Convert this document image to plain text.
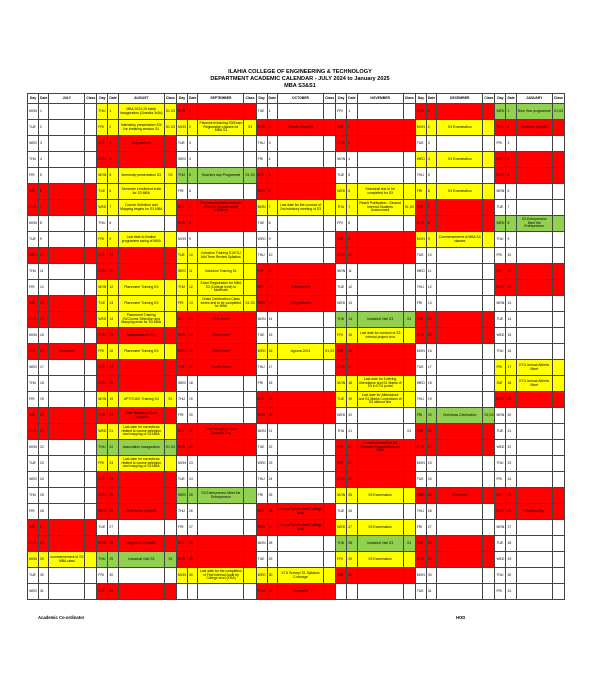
ILAHIA COLLEGE OF ENGINEERING & TECHNOLOGY
DEPARTMENT ACADEMIC CALENDAR - JULY 2024 to January 2025
MBA S3&S1
Day	Date	JULY	Class	Day	Date	AUGUST	Class	Day	Date	SEPTEMBER	Class	Day	Date	OCTOBER	Class	Day	Date	NOVEMBER	Class	Day	Date	DECEMBER	Class	Day	Date	JANUARY	Class
MON	1			THU	1	MBA 2024-26 batch Inauguration (Grandia 3x3d)	S1,S3	SUN	1			TUE	1			FRI	1			SUN	1			WED	1	New Year programme	S1,S3
TUE	2			FRI	2	Internship presentation S3/ Ice breaking session S1	S1,S3	MON	2	Placement training S3/Exam Registration classes for MBA S3	S3	WED	2	Gandhi Jayanthi		SAT	2			MON	2	S3 Examination		THU	2	Mannam Jayanthi	
WED	3			SAT	3	Yoga session		TUE	3			THU	3			SUN	3			TUE	3			FRI	3		
THU	4			SUN	4			WED	4			FRI	4			MON	4			WED	4	S3 Examination		SAT	4		
FRI	5			MON	5	Internship presentation S3	S3	THU	5	Teachers day Programme	S1,S3	SAT	5			TUE	5			THU	5			SUN	5		
SAT	6			TUE	6	Semester enrollment ends for S3 MBA		FRI	6			SUN	6			WED	6	Sessional test to be completed for S3		FRI	6	S3 Examination		MON	6		
SUN	7			WED	7	Course Selection and Mapping begins for S3 MBA		SAT	7	First Internal marks entry for MBA S3 (System level) published		MON	7	Last date for the conduct of 2nd advisory meeting of S3		THU	7	Result Publication - Second Internal Students Assessment	S1,S3	SAT	7			TUE	7		
MON	8			THU	8			SUN	8			TUE	8			FRI	8			SUN	8			WED	8	S3 Entrepreneur Meet the Entrepreneur	
TUE	9			FRI	9	Last date to finalise programme swing of MBA		MON	9			WED	9			SAT	9			MON	9	Commencement of MBA S4 classes		THU	9		
WED	10			SAT	10			TUE	10	Induction Training S1/KTU Mid Term Review Syllabus		THU	10			SUN	10			TUE	10			FRI	10		
THU	11			SUN	11			WED	11	Induction Training S1		FRI	11			MON	11			WED	11			SAT	11		
FRI	12			MON	12	Placement Training S3		THU	12	Exam Registration for MBA S3 (College level) to Moderate		SAT	12	Mahanavami		TUE	12			THU	12			SUN	12		
SAT	13			TUE	13	Placement Training S3		FRI	13	Onam Celebration/ Class series test to be completed for MBA	S1,S3	SUN	13	Vijayadasami		WED	13			FRI	13			MON	13		
SUN	14			WED	14	Placement Training S3/Course Selection and Mapping ends for S3 MBA		SAT	14	First Onam		MON	14			THU	14	Industrial Visit S3	S1	SAT	14			TUE	14		
MON	15			THU	15	Independence Day		SUN	15	Thiruvonam		TUE	15			FRI	15	Last date for conduct of S3 internal project viva		SUN	15			WED	15		
TUE	16	Muharram		FRI	16	Placement Training S3		MON	16	Third Onam		WED	16	Agoora 2024	S1,S3	SAT	16			MON	16			THU	16		
WED	17			SAT	17			TUE	17	Fourth Onam		THU	17			SUN	17			TUE	17			FRI	17	KTU Annual Athletic Meet	
THU	18			SUN	18			WED	18			FRI	18			MON	18	Last date for Entering Attendance and S1 Marks of S3 in KTU portal		WED	18			SAT	18	KTU Annual Athletic Meet	
FRI	19			MON	19	APTITUDE Training S3	S1	THU	19			SAT	19			TUE	19	Last date for Attendance and S1 Marks Corrections of S3 without fine		THU	19			SUN	19		
SAT	20			TUE	20	Sree Narayana Guru Jayanthi		FRI	20			SUN	20			WED	20			FRI	20	Christmas Celebration	S1,S3	MON	20		
SUN	21			WED	21	Last date for corrections related to course selection and mapping of S3 MBA		SAT	21	Sree Narayana Guru Samadhi Day		MON	21			THU	21		S1	SAT	21			TUE	21		
MON	22			THU	22	Association Inauguration	S1,S3	SUN	22			TUE	22			FRI	22	Commencement of S3 Semester Examinations for MBA		SUN	22			WED	22		
TUE	23			FRI	23	Last date for corrections related to course selection and mapping of S3 MBA		MON	23			WED	23			SAT	23			MON	23			THU	23		
WED	24			SAT	24			TUE	24			THU	24			SUN	24			TUE	24			FRI	24		
THU	25			SUN	25			WED	25	S3 Entrepreneur Meet the Entrepreneur		FRI	25			MON	25	S3 Examination		WED	25	Christmas		SAT	25		
FRI	26			MON	26	Sri Krishna Jayanthi		THU	26			SAT	26	Annual Sports Meet College level		TUE	26			THU	26			SUN	26	Republic Day	
SAT	27			TUE	27			FRI	27			SUN	27	Annual Sports Meet College level		WED	27	S3 Examination		FRI	27			MON	27		
SUN	28			WED	28	Ayyankali Jayanthi		SAT	28			MON	28			THU	28	Industrial Visit S3	S1	SAT	28			TUE	28		
MON	29	commencement of S3 MBA class		THU	29	Industrial Visit S3	S1	SUN	29			TUE	29			FRI	29	S3 Examination		SUN	29			WED	29		
TUE	30			FRI	30			MON	30	Last date for the completion of First Internal Audit by College level (KSA)		WED	30	KTU Survey/ S1 Syllabus Coverage		SAT	30			MON	30			THU	30		
WED	31			SAT	31							THU	31	Deepavali						TUE	31			FRI	31		
Academic Co-ordinator	HOD
